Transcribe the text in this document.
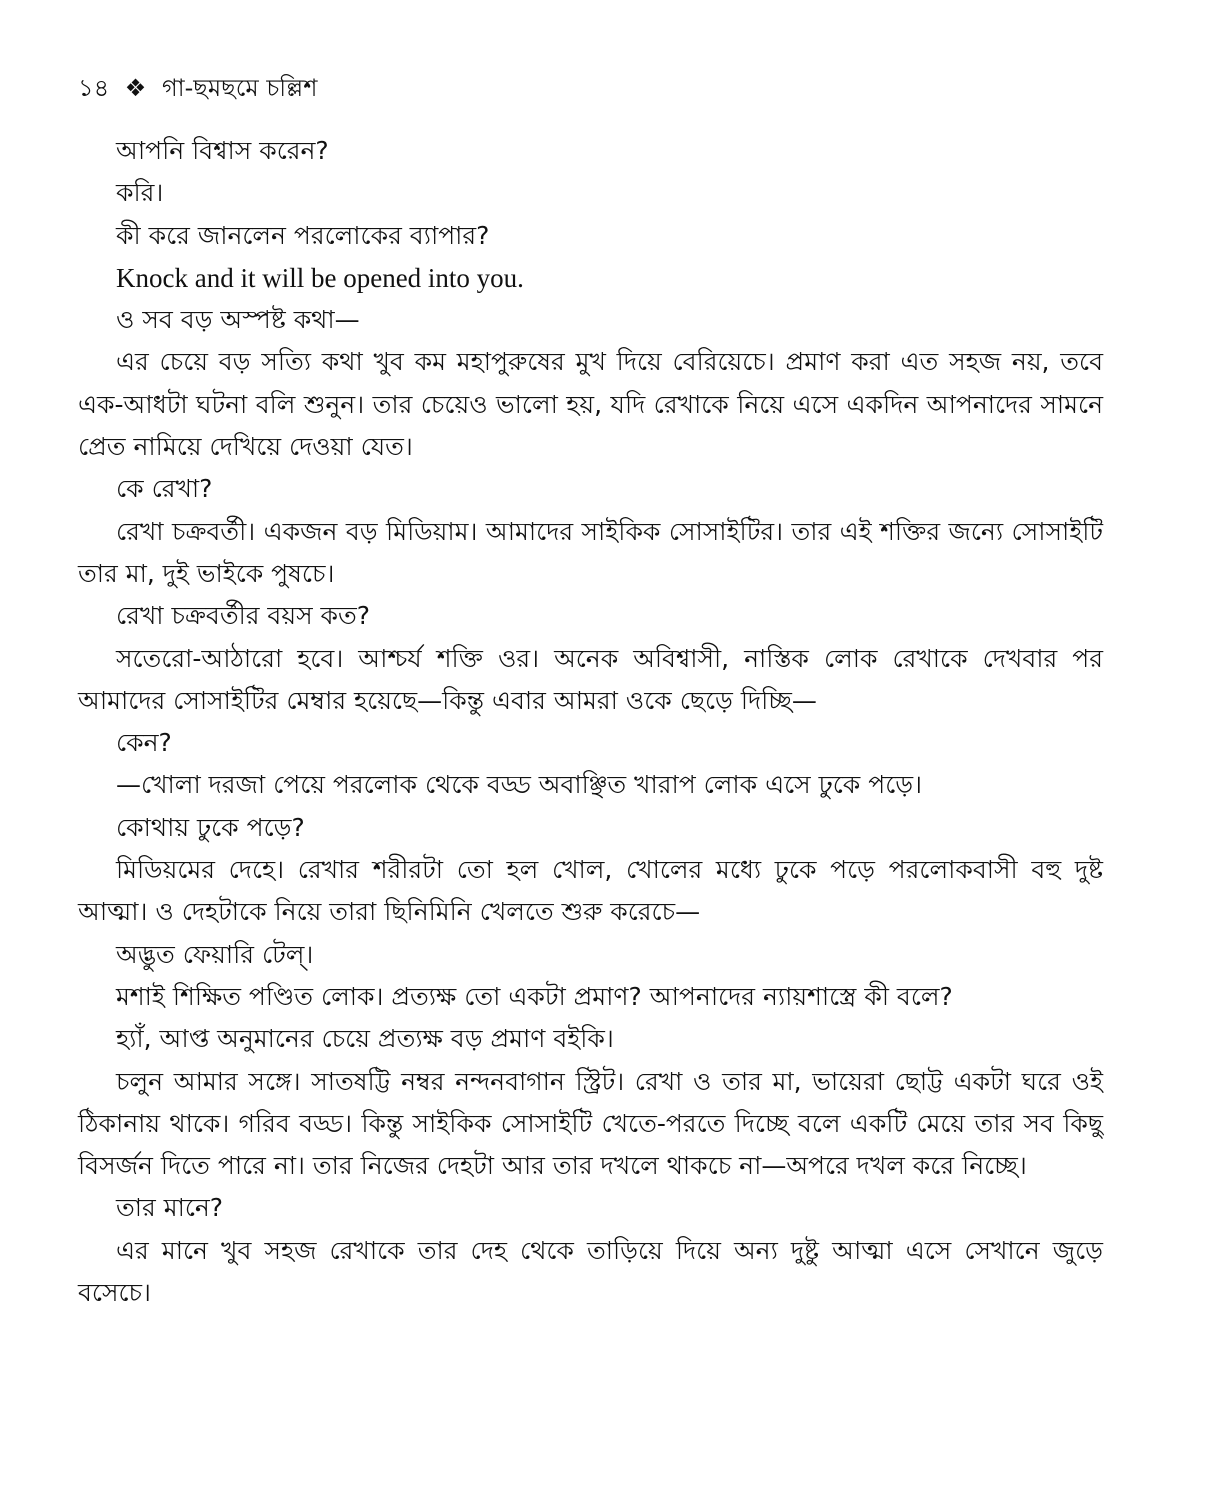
১৪ ❖ গা-ছমছমে চল্লিশ

আপনি বিশ্বাস করেন?

করি।

কী করে জানলেন পরলোকের ব্যাপার?

Knock and it will be opened into you.

ও সব বড় অস্পষ্ট কথা—

এর চেয়ে বড় সত্যি কথা খুব কম মহাপুরুষের মুখ দিয়ে বেরিয়েচে। প্রমাণ করা এত সহজ নয়, তবে এক-আধটা ঘটনা বলি শুনুন। তার চেয়েও ভালো হয়, যদি রেখাকে নিয়ে এসে একদিন আপনাদের সামনে প্রেত নামিয়ে দেখিয়ে দেওয়া যেত।

কে রেখা?

রেখা চক্রবর্তী। একজন বড় মিডিয়াম। আমাদের সাইকিক সোসাইটির। তার এই শক্তির জন্যে সোসাইটি তার মা, দুই ভাইকে পুষচে।

রেখা চক্রবর্তীর বয়স কত?

সতেরো-আঠারো হবে। আশ্চর্য শক্তি ওর। অনেক অবিশ্বাসী, নাস্তিক লোক রেখাকে দেখবার পর আমাদের সোসাইটির মেম্বার হয়েছে—কিন্তু এবার আমরা ওকে ছেড়ে দিচ্ছি—

কেন?

—খোলা দরজা পেয়ে পরলোক থেকে বড্ড অবাঞ্ছিত খারাপ লোক এসে ঢুকে পড়ে।

কোথায় ঢুকে পড়ে?

মিডিয়মের দেহে। রেখার শরীরটা তো হল খোল, খোলের মধ্যে ঢুকে পড়ে পরলোকবাসী বহু দুষ্ট আত্মা। ও দেহটাকে নিয়ে তারা ছিনিমিনি খেলতে শুরু করেচে—

অদ্ভুত ফেয়ারি টেল্।

মশাই শিক্ষিত পণ্ডিত লোক। প্রত্যক্ষ তো একটা প্রমাণ? আপনাদের ন্যায়শাস্ত্রে কী বলে?

হ্যাঁ, আপ্ত অনুমানের চেয়ে প্রত্যক্ষ বড় প্রমাণ বইকি।

চলুন আমার সঙ্গে। সাতষট্টি নম্বর নন্দনবাগান স্ট্রিট। রেখা ও তার মা, ভায়েরা ছোট্ট একটা ঘরে ওই ঠিকানায় থাকে। গরিব বড্ড। কিন্তু সাইকিক সোসাইটি খেতে-পরতে দিচ্ছে বলে একটি মেয়ে তার সব কিছু বিসর্জন দিতে পারে না। তার নিজের দেহটা আর তার দখলে থাকচে না—অপরে দখল করে নিচ্ছে।

তার মানে?

এর মানে খুব সহজ রেখাকে তার দেহ থেকে তাড়িয়ে দিয়ে অন্য দুষ্টু আত্মা এসে সেখানে জুড়ে বসেচে।
